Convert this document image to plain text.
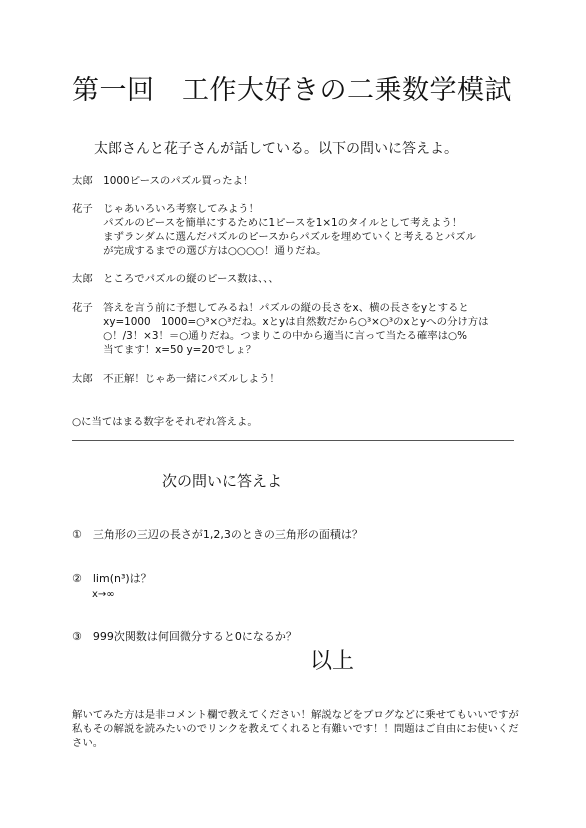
第一回　工作大好きの二乗数学模試
太郎さんと花子さんが話している。以下の問いに答えよ。
太郎　1000ピースのパズル買ったよ！
花子　じゃあいろいろ考察してみよう！
　　　パズルのピースを簡単にするために1ピースを1×1のタイルとして考えよう！
　　　まずランダムに選んだパズルのピースからパズルを埋めていくと考えるとパズル
　　　が完成するまでの選び方は○○○○！通りだね。
太郎　ところでパズルの縦のピース数は、、、
花子　答えを言う前に予想してみるね！パズルの縦の長さをx、横の長さをyとすると
　　　xy=1000　1000=○³×○³だね。xとyは自然数だから○³×○³のxとyへの分け方は
　　　○！/3！×3！＝○通りだね。つまりこの中から適当に言って当たる確率は○%
　　　当てます！x=50 y=20でしょ？
太郎　不正解！じゃあ一緒にパズルしよう！
○に当てはまる数字をそれぞれ答えよ。
次の問いに答えよ
①　三角形の三辺の長さが1,2,3のときの三角形の面積は？
②　lim(n³)は？
　　x→∞
③　999次関数は何回微分すると0になるか？
以上
解いてみた方は是非コメント欄で教えてください！解説などをブログなどに乗せてもいいですが
私もその解説を読みたいのでリンクを教えてくれると有難いです！！問題はご自由にお使いくだ
さい。
